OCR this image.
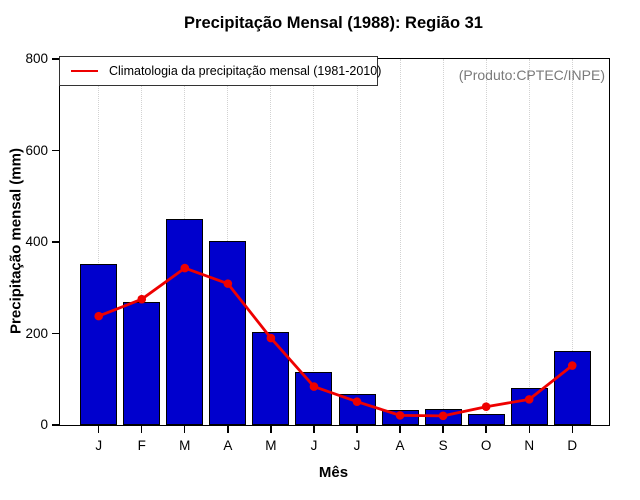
Precipitação Mensal (1988): Região 31
Climatologia da precipitação mensal (1981-2010)	(Produto:CPTEC/INPE)
0
200
400
600
800
J	F	M	A	M	J	J	A	S	O	N	D
Precipitação mensal (mm)
Mês
